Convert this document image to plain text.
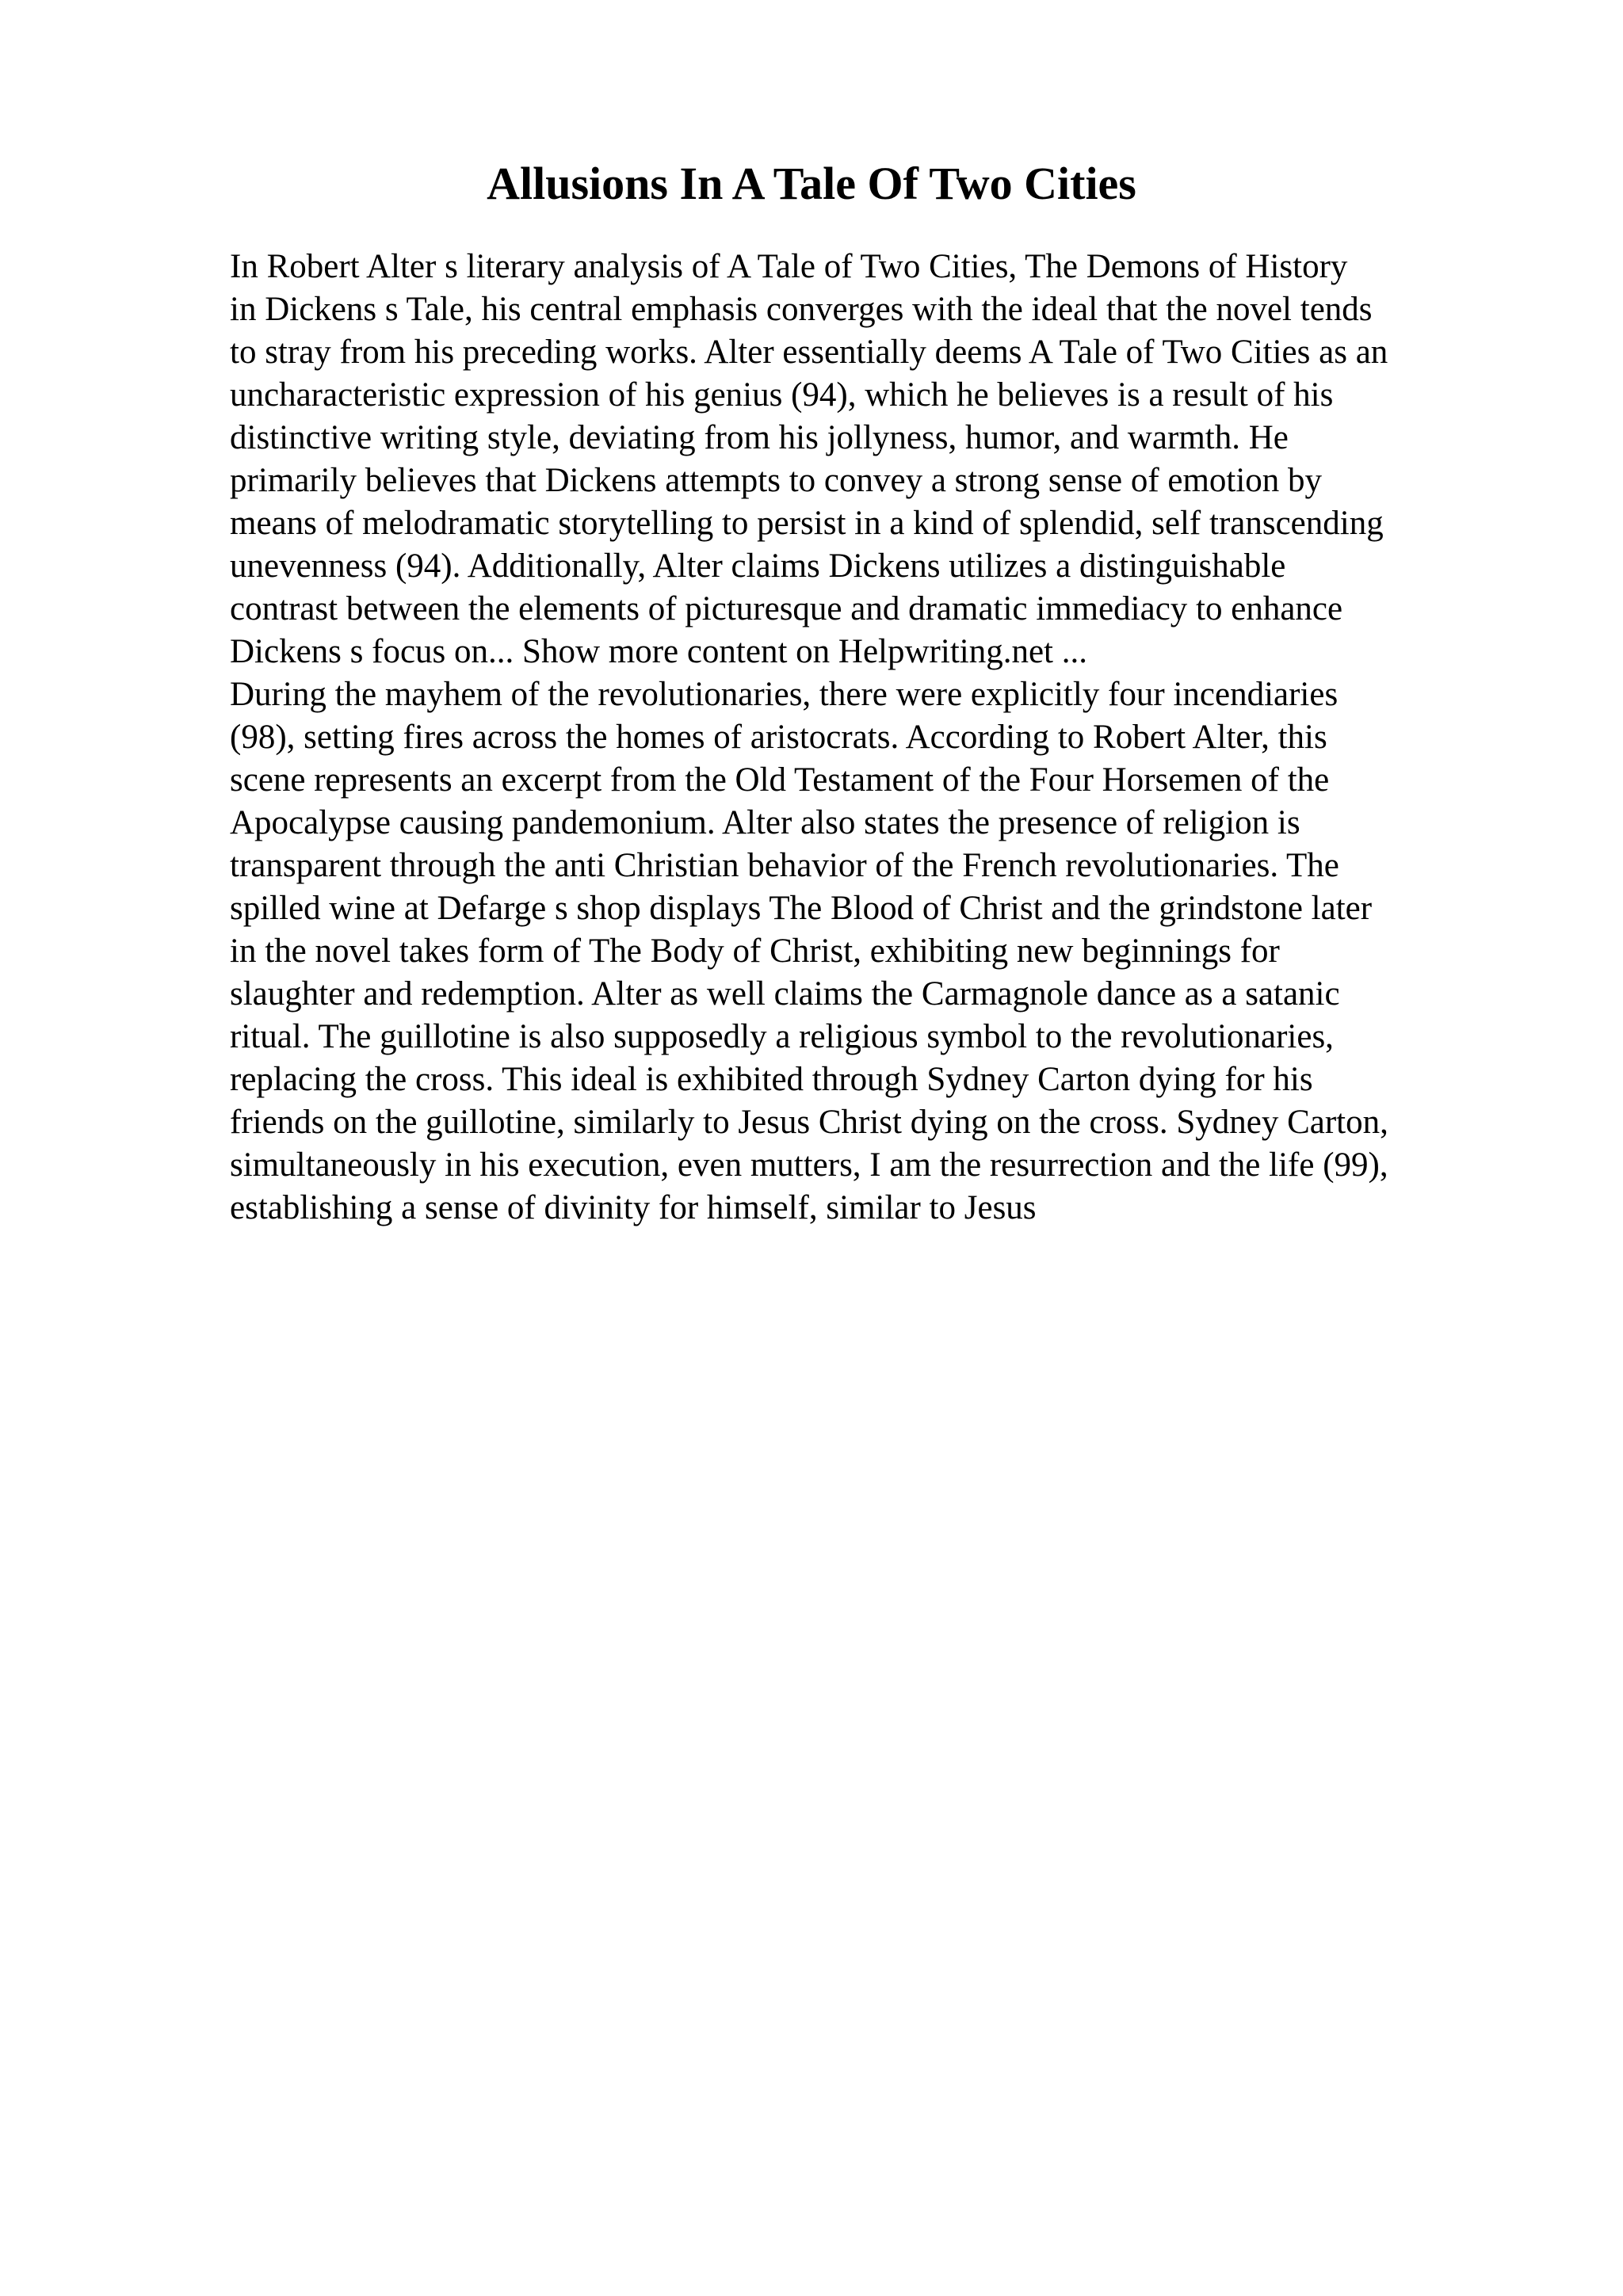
Allusions In A Tale Of Two Cities
In Robert Alter s literary analysis of A Tale of Two Cities, The Demons of History
in Dickens s Tale, his central emphasis converges with the ideal that the novel tends
to stray from his preceding works. Alter essentially deems A Tale of Two Cities as an
uncharacteristic expression of his genius (94), which he believes is a result of his
distinctive writing style, deviating from his jollyness, humor, and warmth. He
primarily believes that Dickens attempts to convey a strong sense of emotion by
means of melodramatic storytelling to persist in a kind of splendid, self transcending
unevenness (94). Additionally, Alter claims Dickens utilizes a distinguishable
contrast between the elements of picturesque and dramatic immediacy to enhance
Dickens s focus on... Show more content on Helpwriting.net ...
During the mayhem of the revolutionaries, there were explicitly four incendiaries
(98), setting fires across the homes of aristocrats. According to Robert Alter, this
scene represents an excerpt from the Old Testament of the Four Horsemen of the
Apocalypse causing pandemonium. Alter also states the presence of religion is
transparent through the anti Christian behavior of the French revolutionaries. The
spilled wine at Defarge s shop displays The Blood of Christ and the grindstone later
in the novel takes form of The Body of Christ, exhibiting new beginnings for
slaughter and redemption. Alter as well claims the Carmagnole dance as a satanic
ritual. The guillotine is also supposedly a religious symbol to the revolutionaries,
replacing the cross. This ideal is exhibited through Sydney Carton dying for his
friends on the guillotine, similarly to Jesus Christ dying on the cross. Sydney Carton,
simultaneously in his execution, even mutters, I am the resurrection and the life (99),
establishing a sense of divinity for himself, similar to Jesus
